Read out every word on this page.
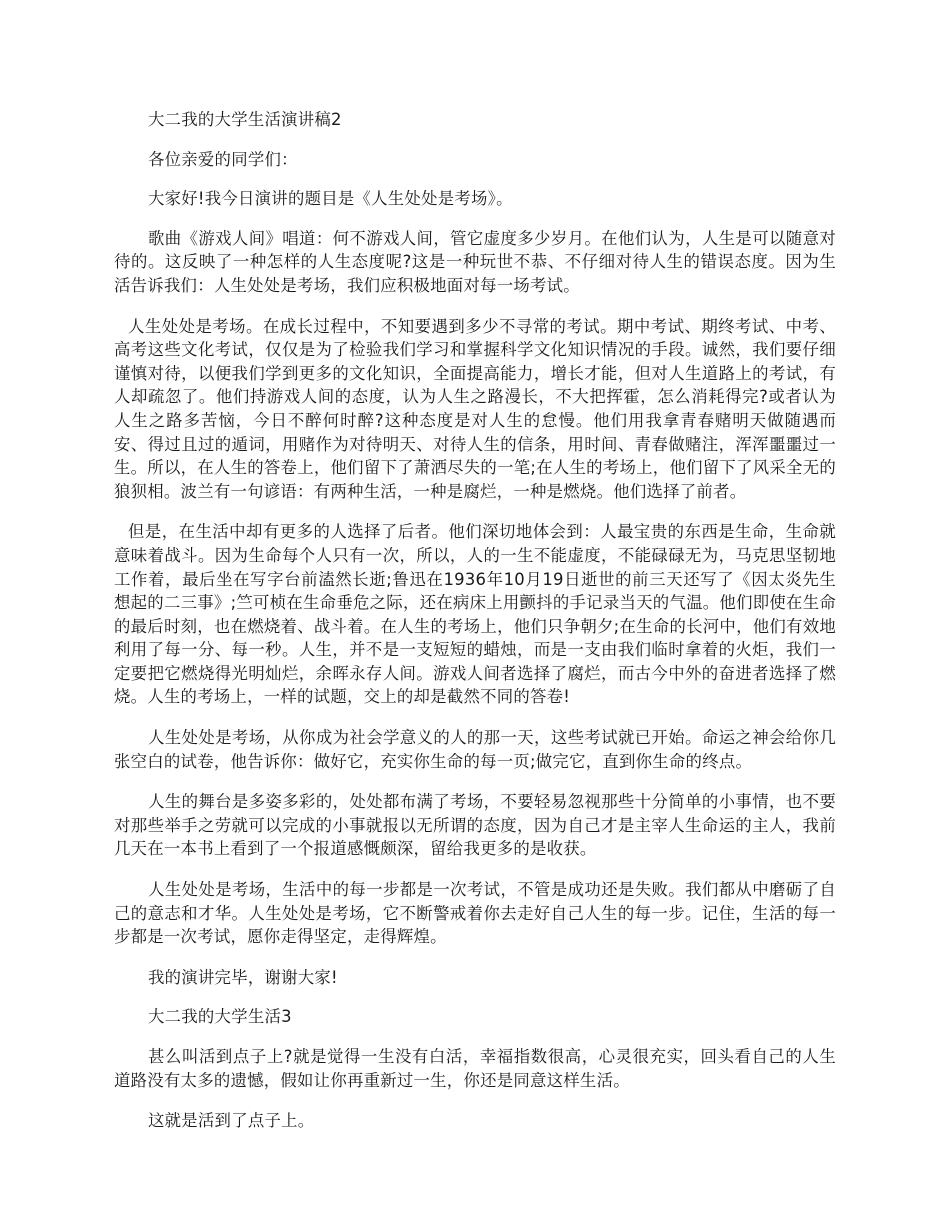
大二我的大学生活演讲稿2

各位亲爱的同学们：

大家好!我今日演讲的题目是《人生处处是考场》。

歌曲《游戏人间》唱道：何不游戏人间，管它虚度多少岁月。在他们认为，人生是可以随意对待的。这反映了一种怎样的人生态度呢?这是一种玩世不恭、不仔细对待人生的错误态度。因为生活告诉我们：人生处处是考场，我们应积极地面对每一场考试。

人生处处是考场。在成长过程中，不知要遇到多少不寻常的考试。期中考试、期终考试、中考、高考这些文化考试，仅仅是为了检验我们学习和掌握科学文化知识情况的手段。诚然，我们要仔细谨慎对待，以便我们学到更多的文化知识，全面提高能力，增长才能，但对人生道路上的考试，有人却疏忽了。他们持游戏人间的态度，认为人生之路漫长，不大把挥霍，怎么消耗得完?或者认为人生之路多苦恼，今日不醉何时醉?这种态度是对人生的怠慢。他们用我拿青春赌明天做随遇而安、得过且过的遁词，用赌作为对待明天、对待人生的信条，用时间、青春做赌注，浑浑噩噩过一生。所以，在人生的答卷上，他们留下了萧洒尽失的一笔;在人生的考场上，他们留下了风采全无的狼狈相。波兰有一句谚语：有两种生活，一种是腐烂，一种是燃烧。他们选择了前者。

但是，在生活中却有更多的人选择了后者。他们深切地体会到：人最宝贵的东西是生命，生命就意味着战斗。因为生命每个人只有一次，所以，人的一生不能虚度，不能碌碌无为，马克思坚韧地工作着，最后坐在写字台前溘然长逝;鲁迅在1936年10月19日逝世的前三天还写了《因太炎先生想起的二三事》;竺可桢在生命垂危之际，还在病床上用颤抖的手记录当天的气温。他们即使在生命的最后时刻，也在燃烧着、战斗着。在人生的考场上，他们只争朝夕;在生命的长河中，他们有效地利用了每一分、每一秒。人生，并不是一支短短的蜡烛，而是一支由我们临时拿着的火炬，我们一定要把它燃烧得光明灿烂，余晖永存人间。游戏人间者选择了腐烂，而古今中外的奋进者选择了燃烧。人生的考场上，一样的试题，交上的却是截然不同的答卷!

人生处处是考场，从你成为社会学意义的人的那一天，这些考试就已开始。命运之神会给你几张空白的试卷，他告诉你：做好它，充实你生命的每一页;做完它，直到你生命的终点。

人生的舞台是多姿多彩的，处处都布满了考场，不要轻易忽视那些十分简单的小事情，也不要对那些举手之劳就可以完成的小事就报以无所谓的态度，因为自己才是主宰人生命运的主人，我前几天在一本书上看到了一个报道感慨颇深，留给我更多的是收获。

人生处处是考场，生活中的每一步都是一次考试，不管是成功还是失败。我们都从中磨砺了自己的意志和才华。人生处处是考场，它不断警戒着你去走好自己人生的每一步。记住，生活的每一步都是一次考试，愿你走得坚定，走得辉煌。

我的演讲完毕，谢谢大家!

大二我的大学生活3

甚么叫活到点子上?就是觉得一生没有白活，幸福指数很高，心灵很充实，回头看自己的人生道路没有太多的遗憾，假如让你再重新过一生，你还是同意这样生活。

这就是活到了点子上。
